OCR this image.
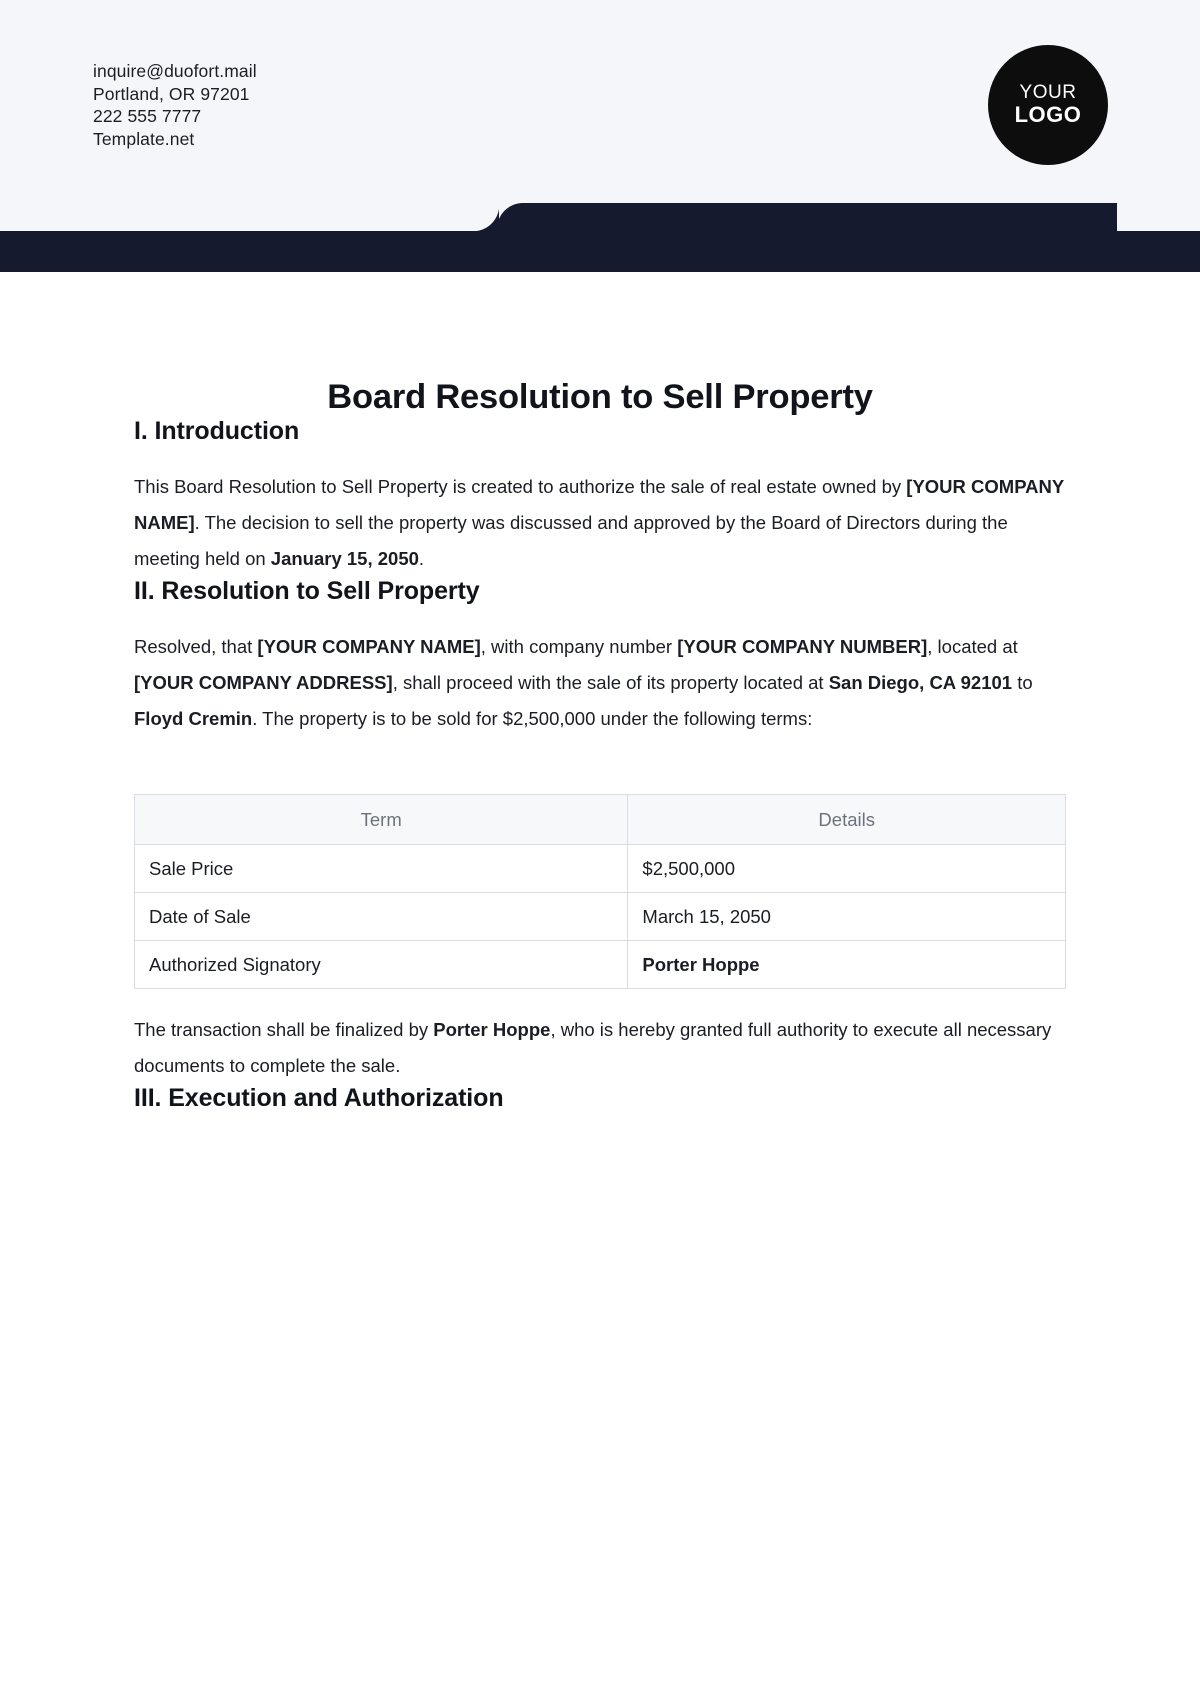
inquire@duofort.mail
Portland, OR 97201
222 555 7777
Template.net
YOUR
LOGO
Board Resolution to Sell Property
I. Introduction

This Board Resolution to Sell Property is created to authorize the sale of real estate owned by [YOUR COMPANY NAME]. The decision to sell the property was discussed and approved by the Board of Directors during the meeting held on January 15, 2050.

II. Resolution to Sell Property

Resolved, that [YOUR COMPANY NAME], with company number [YOUR COMPANY NUMBER], located at [YOUR COMPANY ADDRESS], shall proceed with the sale of its property located at San Diego, CA 92101 to Floyd Cremin. The property is to be sold for $2,500,000 under the following terms:

Term	Details
Sale Price	$2,500,000
Date of Sale	March 15, 2050
Authorized Signatory	Porter Hoppe

The transaction shall be finalized by Porter Hoppe, who is hereby granted full authority to execute all necessary documents to complete the sale.

III. Execution and Authorization
